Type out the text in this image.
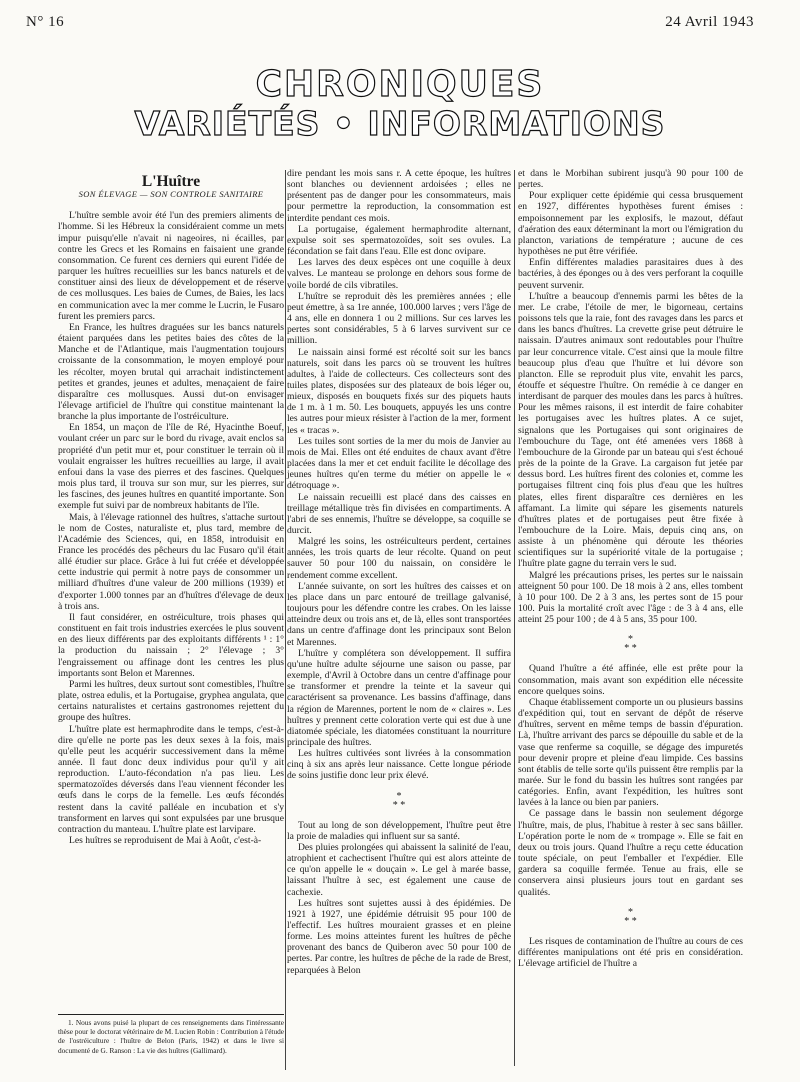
N° 16	24 Avril 1943
CHRONIQUES
VARIÉTÉS • INFORMATIONS
L'Huître
SON ÉLEVAGE — SON CONTROLE SANITAIRE

L'huître semble avoir été l'un des premiers aliments de l'homme. Si les Hébreux la considéraient comme un mets impur puisqu'elle n'avait ni nageoires, ni écailles, par contre les Grecs et les Romains en faisaient une grande consommation. Ce furent ces derniers qui eurent l'idée de parquer les huîtres recueillies sur les bancs naturels et de constituer ainsi des lieux de développement et de réserve de ces mollusques. Les baies de Cumes, de Baies, les lacs en communication avec la mer comme le Lucrin, le Fusaro furent les premiers parcs.

En France, les huîtres draguées sur les bancs naturels étaient parquées dans les petites baies des côtes de la Manche et de l'Atlantique, mais l'augmentation toujours croissante de la consommation, le moyen employé pour les récolter, moyen brutal qui arrachait indistinctement petites et grandes, jeunes et adultes, menaçaient de faire disparaître ces mollusques. Aussi dut-on envisager l'élevage artificiel de l'huître qui constitue maintenant la branche la plus importante de l'ostréiculture.

En 1854, un maçon de l'île de Ré, Hyacinthe Boeuf, voulant créer un parc sur le bord du rivage, avait enclos sa propriété d'un petit mur et, pour constituer le terrain où il voulait engraisser les huîtres recueillies au large, il avait enfoui dans la vase des pierres et des fascines. Quelques mois plus tard, il trouva sur son mur, sur les pierres, sur les fascines, des jeunes huîtres en quantité importante. Son exemple fut suivi par de nombreux habitants de l'île.

Mais, à l'élevage rationnel des huîtres, s'attache surtout le nom de Costes, naturaliste et, plus tard, membre de l'Académie des Sciences, qui, en 1858, introduisit en France les procédés des pêcheurs du lac Fusaro qu'il était allé étudier sur place. Grâce à lui fut créée et développée cette industrie qui permit à notre pays de consommer un milliard d'huîtres d'une valeur de 200 millions (1939) et d'exporter 1.000 tonnes par an d'huîtres d'élevage de deux à trois ans.

Il faut considérer, en ostréiculture, trois phases qui constituent en fait trois industries exercées le plus souvent en des lieux différents par des exploitants différents ¹ : 1° la production du naissain ; 2° l'élevage ; 3° l'engraissement ou affinage dont les centres les plus importants sont Belon et Marennes.

Parmi les huîtres, deux surtout sont comestibles, l'huître plate, ostrea edulis, et la Portugaise, gryphea angulata, que certains naturalistes et certains gastronomes rejettent du groupe des huîtres.

L'huître plate est hermaphrodite dans le temps, c'est-à-dire qu'elle ne porte pas les deux sexes à la fois, mais qu'elle peut les acquérir successivement dans la même année. Il faut donc deux individus pour qu'il y ait reproduction. L'auto-fécondation n'a pas lieu. Les spermatozoïdes déversés dans l'eau viennent féconder les œufs dans le corps de la femelle. Les œufs fécondés restent dans la cavité palléale en incubation et s'y transforment en larves qui sont expulsées par une brusque contraction du manteau. L'huître plate est larvipare.

Les huîtres se reproduisent de Mai à Août, c'est-à-

1. Nous avons puisé la plupart de ces renseignements dans l'intéressante thèse pour le doctorat vétérinaire de M. Lucien Robin : Contribution à l'étude de l'ostréiculture : l'huître de Belon (Paris, 1942) et dans le livre si documenté de G. Ranson : La vie des huîtres (Gallimard).

dire pendant les mois sans r. A cette époque, les huîtres sont blanches ou deviennent ardoisées ; elles ne présentent pas de danger pour les consommateurs, mais pour permettre la reproduction, la consommation est interdite pendant ces mois.

La portugaise, également hermaphrodite alternant, expulse soit ses spermatozoïdes, soit ses ovules. La fécondation se fait dans l'eau. Elle est donc ovipare.

Les larves des deux espèces ont une coquille à deux valves. Le manteau se prolonge en dehors sous forme de voile bordé de cils vibratiles.

L'huître se reproduit dès les premières années ; elle peut émettre, à sa 1re année, 100.000 larves ; vers l'âge de 4 ans, elle en donnera 1 ou 2 millions. Sur ces larves les pertes sont considérables, 5 à 6 larves survivent sur ce million.

Le naissain ainsi formé est récolté soit sur les bancs naturels, soit dans les parcs où se trouvent les huîtres adultes, à l'aide de collecteurs. Ces collecteurs sont des tuiles plates, disposées sur des plateaux de bois léger ou, mieux, disposés en bouquets fixés sur des piquets hauts de 1 m. à 1 m. 50. Les bouquets, appuyés les uns contre les autres pour mieux résister à l'action de la mer, forment les « tracas ».

Les tuiles sont sorties de la mer du mois de Janvier au mois de Mai. Elles ont été enduites de chaux avant d'être placées dans la mer et cet enduit facilite le décollage des jeunes huîtres qu'en terme du métier on appelle le « détroquage ».

Le naissain recueilli est placé dans des caisses en treillage métallique très fin divisées en compartiments. A l'abri de ses ennemis, l'huître se développe, sa coquille se durcit.

Malgré les soins, les ostréiculteurs perdent, certaines années, les trois quarts de leur récolte. Quand on peut sauver 50 pour 100 du naissain, on considère le rendement comme excellent.

L'année suivante, on sort les huîtres des caisses et on les place dans un parc entouré de treillage galvanisé, toujours pour les défendre contre les crabes. On les laisse atteindre deux ou trois ans et, de là, elles sont transportées dans un centre d'affinage dont les principaux sont Belon et Marennes.

L'huître y complétera son développement. Il suffira qu'une huître adulte séjourne une saison ou passe, par exemple, d'Avril à Octobre dans un centre d'affinage pour se transformer et prendre la teinte et la saveur qui caractérisent sa provenance. Les bassins d'affinage, dans la région de Marennes, portent le nom de « claires ». Les huîtres y prennent cette coloration verte qui est due à une diatomée spéciale, les diatomées constituant la nourriture principale des huîtres.

Les huîtres cultivées sont livrées à la consommation cinq à six ans après leur naissance. Cette longue période de soins justifie donc leur prix élevé.

*
* *

Tout au long de son développement, l'huître peut être la proie de maladies qui influent sur sa santé.

Des pluies prolongées qui abaissent la salinité de l'eau, atrophient et cachectisent l'huître qui est alors atteinte de ce qu'on appelle le « douçain ». Le gel à marée basse, laissant l'huître à sec, est également une cause de cachexie.

Les huîtres sont sujettes aussi à des épidémies. De 1921 à 1927, une épidémie détruisit 95 pour 100 de l'effectif. Les huîtres mouraient grasses et en pleine forme. Les moins atteintes furent les huîtres de pêche provenant des bancs de Quiberon avec 50 pour 100 de pertes. Par contre, les huîtres de pêche de la rade de Brest, reparquées à Belon

et dans le Morbihan subirent jusqu'à 90 pour 100 de pertes.

Pour expliquer cette épidémie qui cessa brusquement en 1927, différentes hypothèses furent émises : empoisonnement par les explosifs, le mazout, défaut d'aération des eaux déterminant la mort ou l'émigration du plancton, variations de température ; aucune de ces hypothèses ne put être vérifiée.

Enfin différentes maladies parasitaires dues à des bactéries, à des éponges ou à des vers perforant la coquille peuvent survenir.

L'huître a beaucoup d'ennemis parmi les bêtes de la mer. Le crabe, l'étoile de mer, le bigorneau, certains poissons tels que la raie, font des ravages dans les parcs et dans les bancs d'huîtres. La crevette grise peut détruire le naissain. D'autres animaux sont redoutables pour l'huître par leur concurrence vitale. C'est ainsi que la moule filtre beaucoup plus d'eau que l'huître et lui dévore son plancton. Elle se reproduit plus vite, envahit les parcs, étouffe et séquestre l'huître. On remédie à ce danger en interdisant de parquer des moules dans les parcs à huîtres. Pour les mêmes raisons, il est interdit de faire cohabiter les portugaises avec les huîtres plates. A ce sujet, signalons que les Portugaises qui sont originaires de l'embouchure du Tage, ont été amenées vers 1868 à l'embouchure de la Gironde par un bateau qui s'est échoué près de la pointe de la Grave. La cargaison fut jetée par dessus bord. Les huîtres firent des colonies et, comme les portugaises filtrent cinq fois plus d'eau que les huîtres plates, elles firent disparaître ces dernières en les affamant. La limite qui sépare les gisements naturels d'huîtres plates et de portugaises peut être fixée à l'embouchure de la Loire. Mais, depuis cinq ans, on assiste à un phénomène qui déroute les théories scientifiques sur la supériorité vitale de la portugaise ; l'huître plate gagne du terrain vers le sud.

Malgré les précautions prises, les pertes sur le naissain atteignent 50 pour 100. De 18 mois à 2 ans, elles tombent à 10 pour 100. De 2 à 3 ans, les pertes sont de 15 pour 100. Puis la mortalité croît avec l'âge : de 3 à 4 ans, elle atteint 25 pour 100 ; de 4 à 5 ans, 35 pour 100.

*
* *

Quand l'huître a été affinée, elle est prête pour la consommation, mais avant son expédition elle nécessite encore quelques soins.

Chaque établissement comporte un ou plusieurs bassins d'expédition qui, tout en servant de dépôt de réserve d'huîtres, servent en même temps de bassin d'épuration. Là, l'huître arrivant des parcs se dépouille du sable et de la vase que renferme sa coquille, se dégage des impuretés pour devenir propre et pleine d'eau limpide. Ces bassins sont établis de telle sorte qu'ils puissent être remplis par la marée. Sur le fond du bassin les huîtres sont rangées par catégories. Enfin, avant l'expédition, les huîtres sont lavées à la lance ou bien par paniers.

Ce passage dans le bassin non seulement dégorge l'huître, mais, de plus, l'habitue à rester à sec sans bâiller. L'opération porte le nom de « trompage ». Elle se fait en deux ou trois jours. Quand l'huître a reçu cette éducation toute spéciale, on peut l'emballer et l'expédier. Elle gardera sa coquille fermée. Tenue au frais, elle se conservera ainsi plusieurs jours tout en gardant ses qualités.

*
* *

Les risques de contamination de l'huître au cours de ces différentes manipulations ont été pris en considération. L'élevage artificiel de l'huître a
